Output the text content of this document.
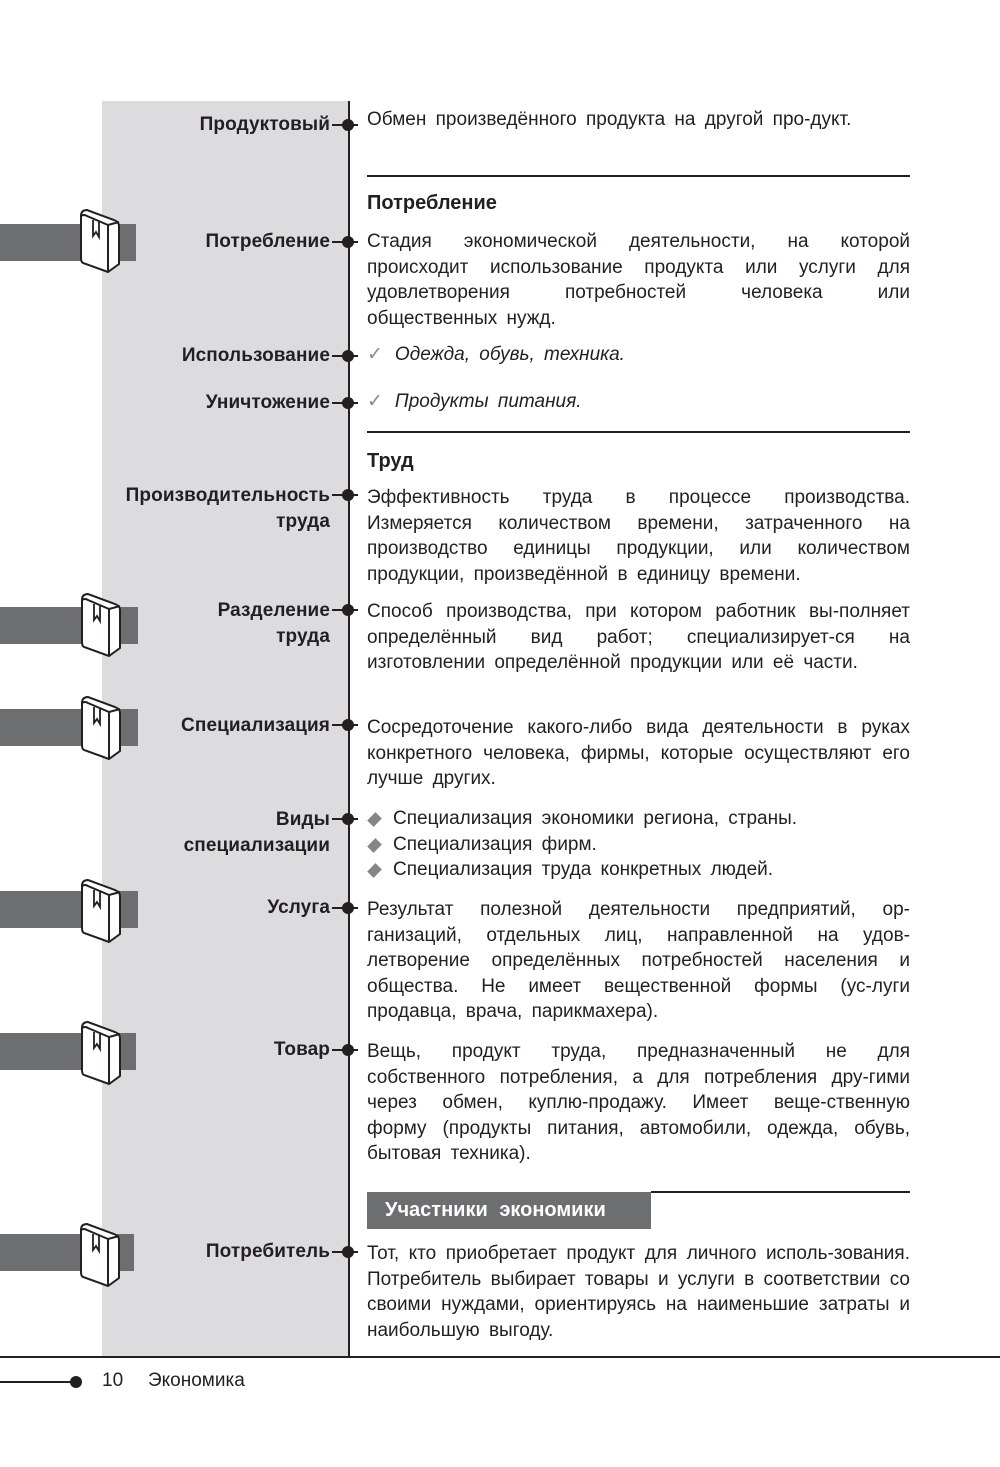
Продуктовый Обмен произведённого продукта на другой про-дукт.
Потребление
Потребление Стадия экономической деятельности, на которой происходит использование продукта или услуги для удовлетворения потребностей человека или общественных нужд.
Использование ✓ Одежда, обувь, техника.
Уничтожение ✓ Продукты питания.
Труд
Производительность
труда
Эффективность труда в процессе производства. Измеряется количеством времени, затраченного на производство единицы продукции, или количеством продукции, произведённой в единицу времени.
Разделение
труда
Способ производства, при котором работник вы-полняет определённый вид работ; специализирует-ся на изготовлении определённой продукции или её части.
Специализация Сосредоточение какого-либо вида деятельности в руках конкретного человека, фирмы, которые осуществляют его лучше других.
Виды
специализации
Специализация экономики региона, страны.
Специализация фирм.
Специализация труда конкретных людей.
Услуга Результат полезной деятельности предприятий, ор-ганизаций, отдельных лиц, направленной на удов-летворение определённых потребностей населения и общества. Не имеет вещественной формы (ус-луги продавца, врача, парикмахера).
Товар Вещь, продукт труда, предназначенный не для собственного потребления, а для потребления дру-гими через обмен, куплю-продажу. Имеет веще-ственную форму (продукты питания, автомобили, одежда, обувь, бытовая техника).
Участники экономики
Потребитель Тот, кто приобретает продукт для личного исполь-зования. Потребитель выбирает товары и услуги в соответствии со своими нуждами, ориентируясь на наименьшие затраты и наибольшую выгоду.
10 Экономика
